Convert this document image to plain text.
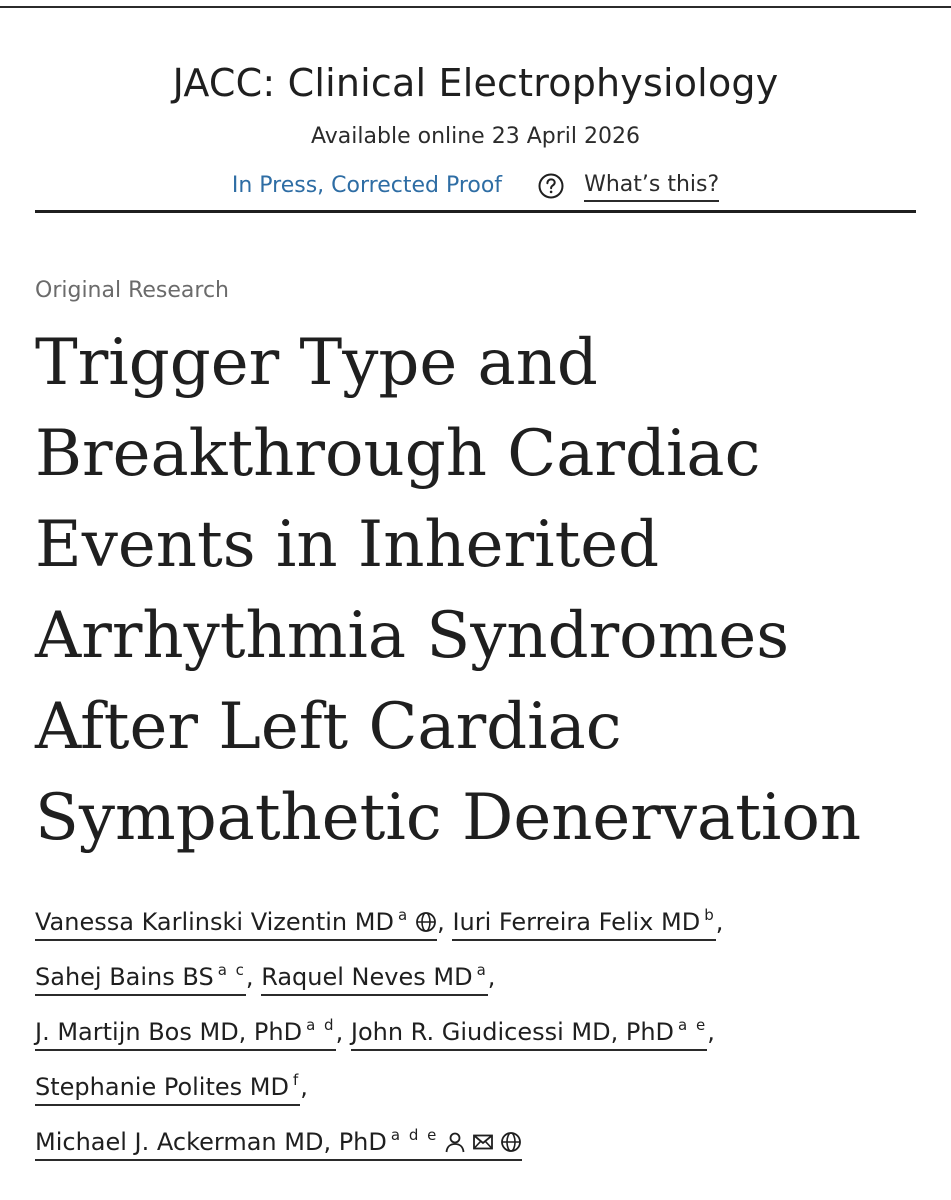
JACC: Clinical Electrophysiology
Available online 23 April 2026
In Press, Corrected Proof	What’s this?
Original Research
Trigger Type and Breakthrough Cardiac Events in Inherited Arrhythmia Syndromes After Left Cardiac Sympathetic Denervation
Vanessa Karlinski Vizentin MD $^a$ , Iuri Ferreira Felix MD $^b$,
Sahej Bains BS $^{a c}$, Raquel Neves MD $^a$,
J. Martijn Bos MD, PhD $^{a d}$, John R. Giudicessi MD, PhD $^{a e}$,
Stephanie Polites MD $^f$,
Michael J. Ackerman MD, PhD $^{a d e}$
